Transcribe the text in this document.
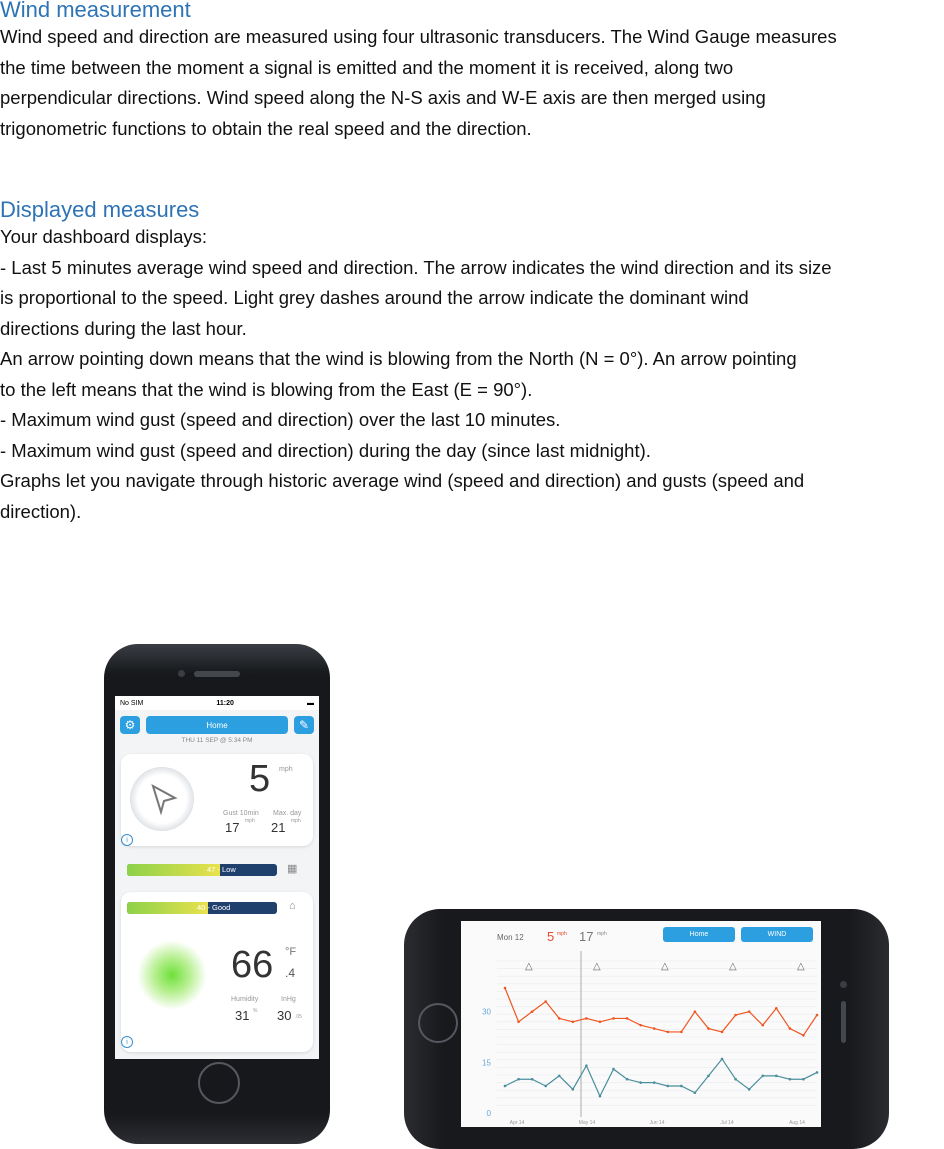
Wind measurement

Wind speed and direction are measured using four ultrasonic transducers. The Wind Gauge measures
the time between the moment a signal is emitted and the moment it is received, along two
perpendicular directions. Wind speed along the N-S axis and W-E axis are then merged using
trigonometric functions to obtain the real speed and the direction.

Displayed measures

Your dashboard displays:
- Last 5 minutes average wind speed and direction. The arrow indicates the wind direction and its size
is proportional to the speed. Light grey dashes around the arrow indicate the dominant wind
directions during the last hour.
An arrow pointing down means that the wind is blowing from the North (N = 0°). An arrow pointing
to the left means that the wind is blowing from the East (E = 90°).
- Maximum wind gust (speed and direction) over the last 10 minutes.
- Maximum wind gust (speed and direction) during the day (since last midnight).
Graphs let you navigate through historic average wind (speed and direction) and gusts (speed and
direction).

No SIM	11:20	▬
⚙	Home	✎
THU 11 SEP @ 5:34 PM
5 mph
Gust 10min Max. day
17 mph 21 mph
i
47 - Low	▦
40 - Good	⌂
66 °F
.4
Humidity	InHg
31 % 30 .05
i
Mon 12 5 mph 17 mph	Home	WIND
0
15
30
Apr 14	May 14	Jun 14	Jul 14	Aug 14
△	△	△	△	△
